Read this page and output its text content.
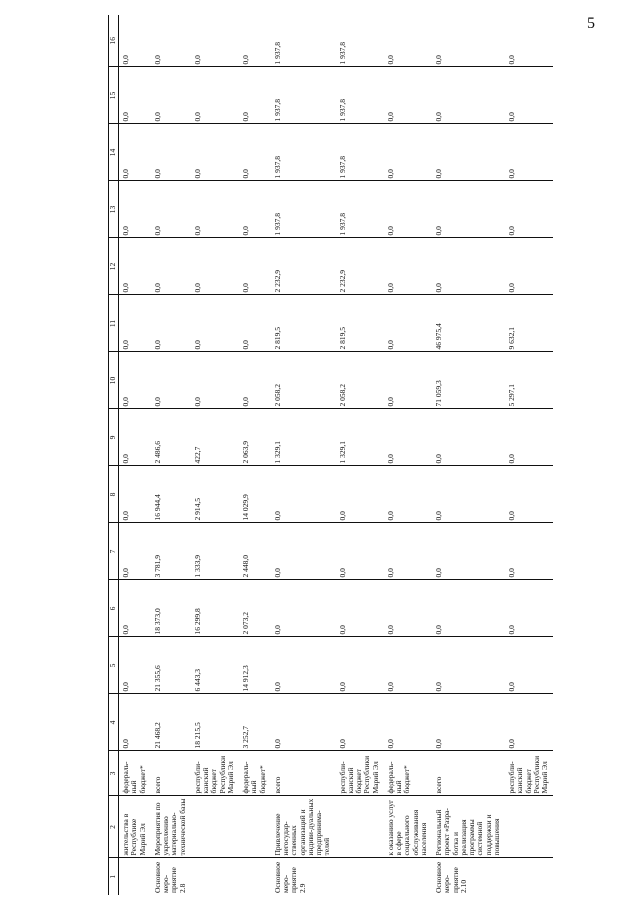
5
1	2	3	4	5	6	7	8	9	10	11	12	13	14	15	16
	жительства в Республике Марий Эл	федераль-ный бюджет*	0,0	0,0	0,0	0,0	0,0	0,0	0,0	0,0	0,0	0,0	0,0	0,0	0,0
Основное меро-приятие 2.8	Мероприятия по укреплению материально-технической базы	всего	21 468,2	21 355,6	18 373,0	3 781,9	16 944,4	2 486,6	0,0	0,0	0,0	0,0	0,0	0,0	0,0
		республи-канский бюджет Республики Марий Эл	18 215,5	6 443,3	16 299,8	1 333,9	2 914,5	422,7	0,0	0,0	0,0	0,0	0,0	0,0	0,0
		федераль-ный бюджет*	3 252,7	14 912,3	2 073,2	2 448,0	14 029,9	2 063,9	0,0	0,0	0,0	0,0	0,0	0,0	0,0
Основное меро-приятие 2.9	Привлечение негосудар-ственных организаций и индиви-дуальных предпринима-телей	всего	0,0	0,0	0,0	0,0	0,0	1 329,1	2 058,2	2 819,5	2 232,9	1 937,8	1 937,8	1 937,8	1 937,8
		республи-канский бюджет Республики Марий Эл	0,0	0,0	0,0	0,0	0,0	1 329,1	2 058,2	2 819,5	2 232,9	1 937,8	1 937,8	1 937,8	1 937,8
	к оказанию услуг в сфере социального обслуживания населения	федераль-ный бюджет*	0,0	0,0	0,0	0,0	0,0	0,0	0,0	0,0	0,0	0,0	0,0	0,0	0,0
Основное меро-приятие 2.10	Региональный проект «Разра-ботка и реализация программы системной поддержки и повышения	всего	0,0	0,0	0,0	0,0	0,0	0,0	71 059,3	46 975,4	0,0	0,0	0,0	0,0	0,0
		республи-канский бюджет Республики Марий Эл	0,0	0,0	0,0	0,0	0,0	0,0	5 297,1	9 632,1	0,0	0,0	0,0	0,0	0,0
